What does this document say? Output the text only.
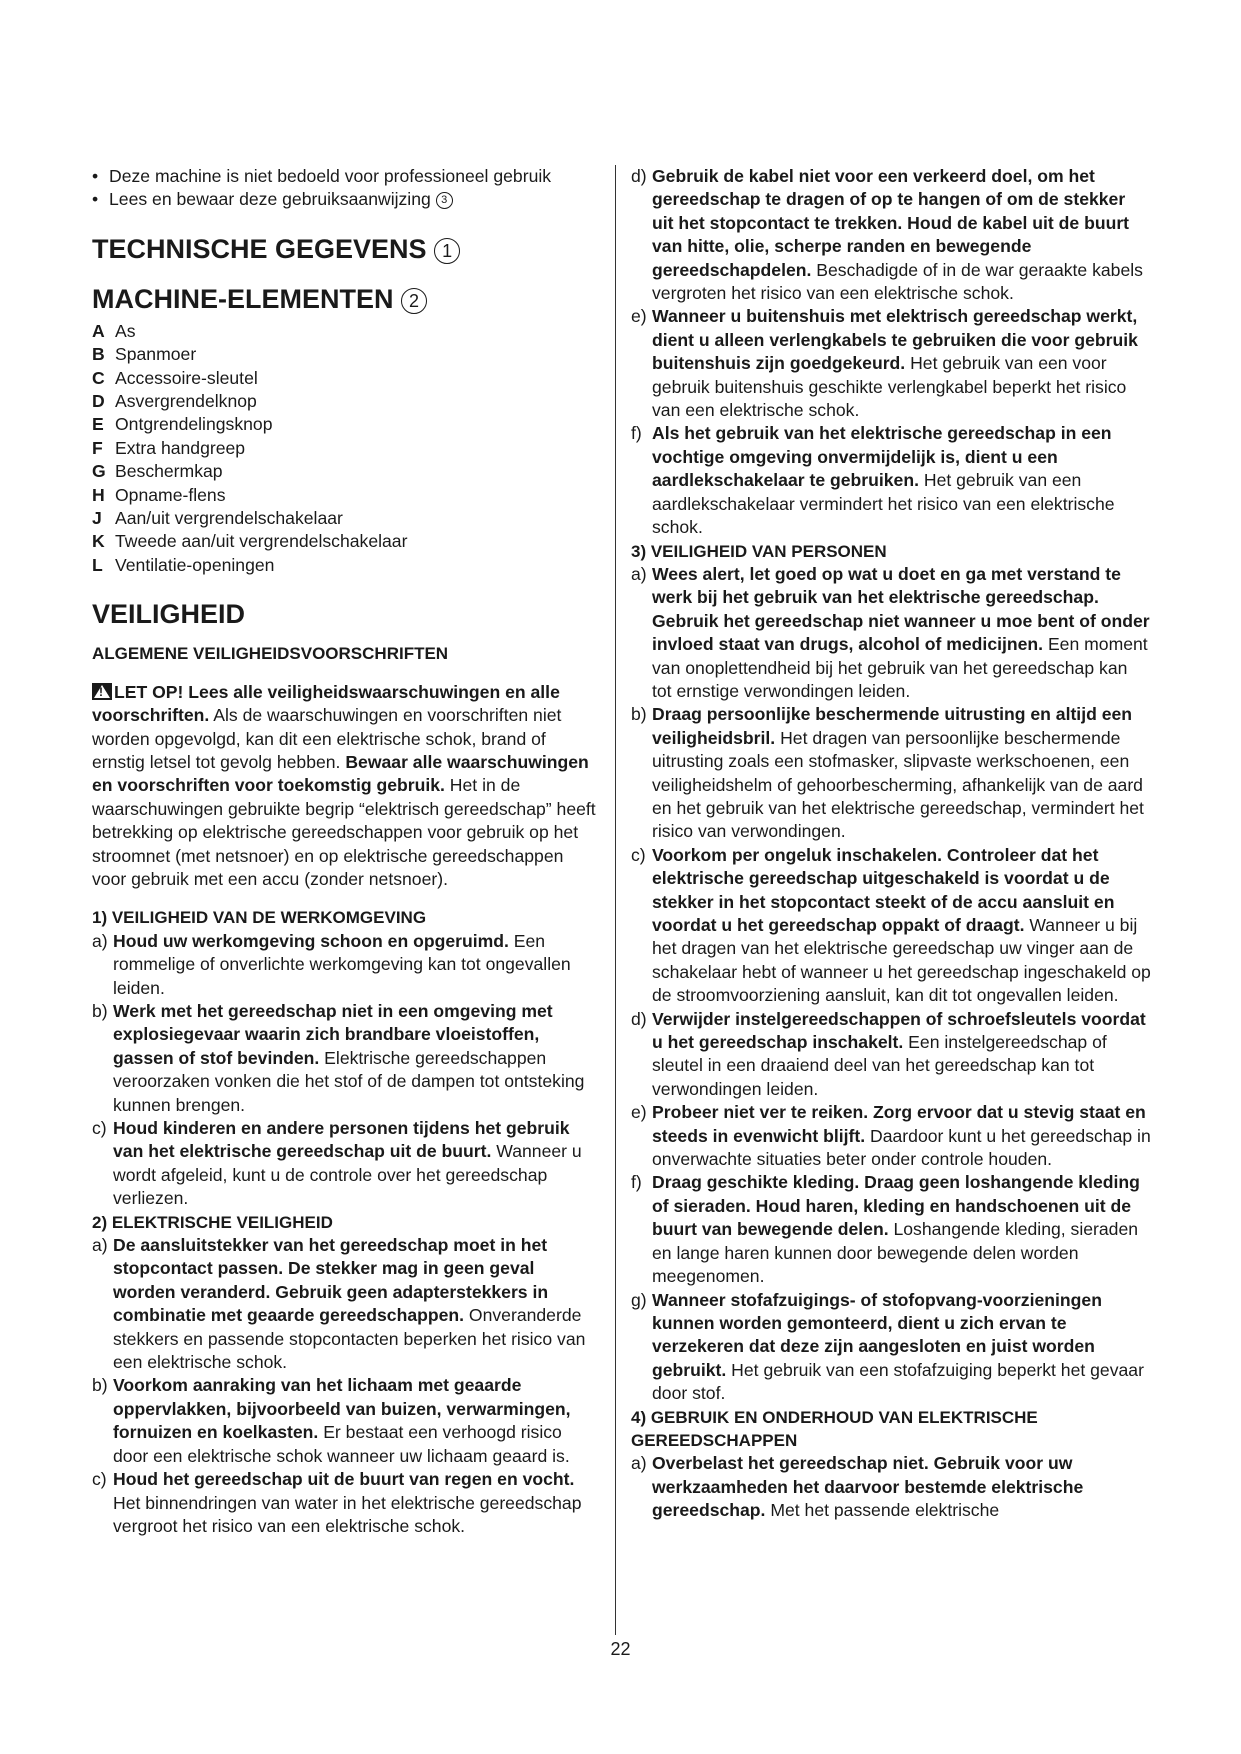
• Deze machine is niet bedoeld voor professioneel gebruik
• Lees en bewaar deze gebruiksaanwijzing 3
TECHNISCHE GEGEVENS 1
MACHINE-ELEMENTEN 2
A As
B Spanmoer
C Accessoire-sleutel
D Asvergrendelknop
E Ontgrendelingsknop
F Extra handgreep
G Beschermkap
H Opname-flens
J Aan/uit vergrendelschakelaar
K Tweede aan/uit vergrendelschakelaar
L Ventilatie-openingen
VEILIGHEID
ALGEMENE VEILIGHEIDSVOORSCHRIFTEN
!LET OP! Lees alle veiligheidswaarschuwingen en alle voorschriften. Als de waarschuwingen en voorschriften niet worden opgevolgd, kan dit een elektrische schok, brand of ernstig letsel tot gevolg hebben. Bewaar alle waarschuwingen en voorschriften voor toekomstig gebruik. Het in de waarschuwingen gebruikte begrip “elektrisch gereedschap” heeft betrekking op elektrische gereedschappen voor gebruik op het stroomnet (met netsnoer) en op elektrische gereedschappen voor gebruik met een accu (zonder netsnoer).
1) VEILIGHEID VAN DE WERKOMGEVING
a) Houd uw werkomgeving schoon en opgeruimd. Een rommelige of onverlichte werkomgeving kan tot ongevallen leiden.
b) Werk met het gereedschap niet in een omgeving met explosiegevaar waarin zich brandbare vloeistoffen, gassen of stof bevinden. Elektrische gereedschappen veroorzaken vonken die het stof of de dampen tot ontsteking kunnen brengen.
c) Houd kinderen en andere personen tijdens het gebruik van het elektrische gereedschap uit de buurt. Wanneer u wordt afgeleid, kunt u de controle over het gereedschap verliezen.
2) ELEKTRISCHE VEILIGHEID
a) De aansluitstekker van het gereedschap moet in het stopcontact passen. De stekker mag in geen geval worden veranderd. Gebruik geen adapterstekkers in combinatie met geaarde gereedschappen. Onveranderde stekkers en passende stopcontacten beperken het risico van een elektrische schok.
b) Voorkom aanraking van het lichaam met geaarde oppervlakken, bijvoorbeeld van buizen, verwarmingen, fornuizen en koelkasten. Er bestaat een verhoogd risico door een elektrische schok wanneer uw lichaam geaard is.
c) Houd het gereedschap uit de buurt van regen en vocht. Het binnendringen van water in het elektrische gereedschap vergroot het risico van een elektrische schok.
d) Gebruik de kabel niet voor een verkeerd doel, om het gereedschap te dragen of op te hangen of om de stekker uit het stopcontact te trekken. Houd de kabel uit de buurt van hitte, olie, scherpe randen en bewegende gereedschapdelen. Beschadigde of in de war geraakte kabels vergroten het risico van een elektrische schok.
e) Wanneer u buitenshuis met elektrisch gereedschap werkt, dient u alleen verlengkabels te gebruiken die voor gebruik buitenshuis zijn goedgekeurd. Het gebruik van een voor gebruik buitenshuis geschikte verlengkabel beperkt het risico van een elektrische schok.
f) Als het gebruik van het elektrische gereedschap in een vochtige omgeving onvermijdelijk is, dient u een aardlekschakelaar te gebruiken. Het gebruik van een aardlekschakelaar vermindert het risico van een elektrische schok.
3) VEILIGHEID VAN PERSONEN
a) Wees alert, let goed op wat u doet en ga met verstand te werk bij het gebruik van het elektrische gereedschap. Gebruik het gereedschap niet wanneer u moe bent of onder invloed staat van drugs, alcohol of medicijnen. Een moment van onoplettendheid bij het gebruik van het gereedschap kan tot ernstige verwondingen leiden.
b) Draag persoonlijke beschermende uitrusting en altijd een veiligheidsbril. Het dragen van persoonlijke beschermende uitrusting zoals een stofmasker, slipvaste werkschoenen, een veiligheidshelm of gehoorbescherming, afhankelijk van de aard en het gebruik van het elektrische gereedschap, vermindert het risico van verwondingen.
c) Voorkom per ongeluk inschakelen. Controleer dat het elektrische gereedschap uitgeschakeld is voordat u de stekker in het stopcontact steekt of de accu aansluit en voordat u het gereedschap oppakt of draagt. Wanneer u bij het dragen van het elektrische gereedschap uw vinger aan de schakelaar hebt of wanneer u het gereedschap ingeschakeld op de stroomvoorziening aansluit, kan dit tot ongevallen leiden.
d) Verwijder instelgereedschappen of schroefsleutels voordat u het gereedschap inschakelt. Een instelgereedschap of sleutel in een draaiend deel van het gereedschap kan tot verwondingen leiden.
e) Probeer niet ver te reiken. Zorg ervoor dat u stevig staat en steeds in evenwicht blijft. Daardoor kunt u het gereedschap in onverwachte situaties beter onder controle houden.
f) Draag geschikte kleding. Draag geen loshangende kleding of sieraden. Houd haren, kleding en handschoenen uit de buurt van bewegende delen. Loshangende kleding, sieraden en lange haren kunnen door bewegende delen worden meegenomen.
g) Wanneer stofafzuigings- of stofopvang-voorzieningen kunnen worden gemonteerd, dient u zich ervan te verzekeren dat deze zijn aangesloten en juist worden gebruikt. Het gebruik van een stofafzuiging beperkt het gevaar door stof.
4) GEBRUIK EN ONDERHOUD VAN ELEKTRISCHE GEREEDSCHAPPEN
a) Overbelast het gereedschap niet. Gebruik voor uw werkzaamheden het daarvoor bestemde elektrische gereedschap. Met het passende elektrische
22
